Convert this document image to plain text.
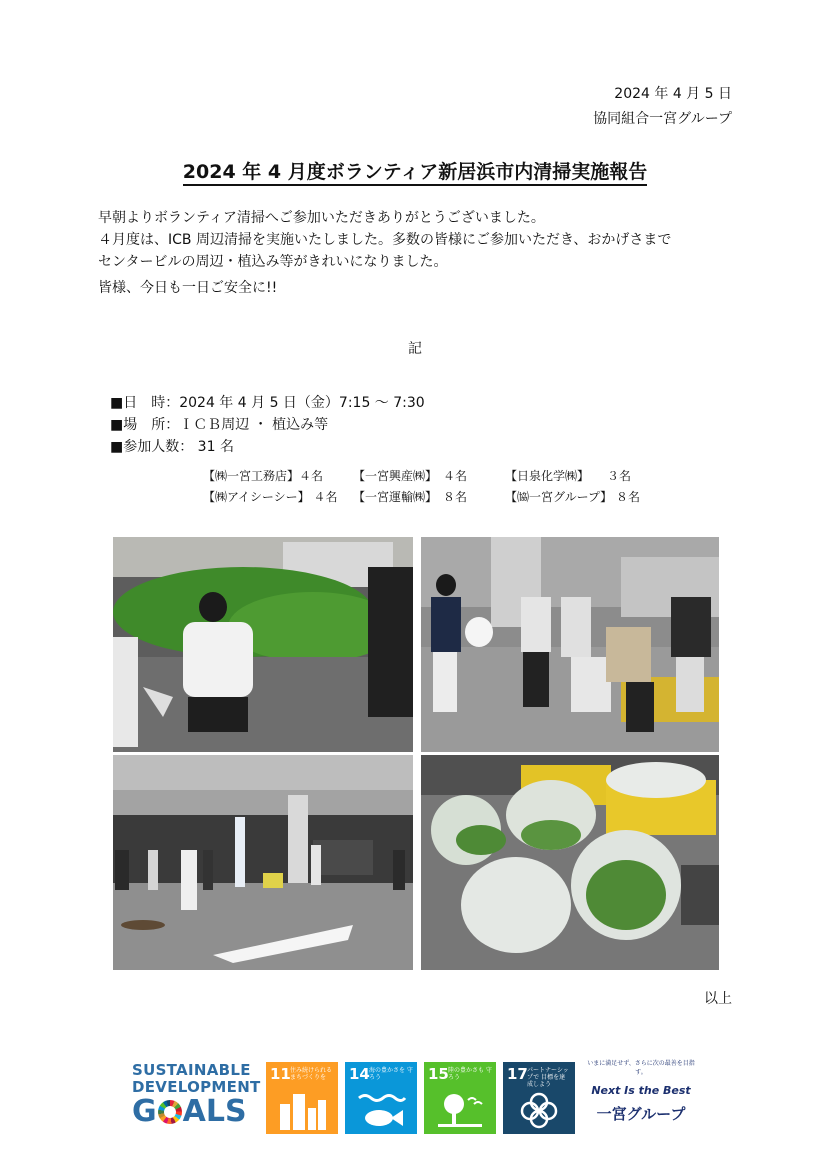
2024 年 4 月 5 日
協同組合一宮グループ
2024 年 4 月度ボランティア新居浜市内清掃実施報告

早朝よりボランティア清掃へご参加いただきありがとうございました。

４月度は、ICB 周辺清掃を実施いたしました。多数の皆様にご参加いただき、おかげさまで

センタービルの周辺・植込み等がきれいになりました。

皆様、今日も一日ご安全に!!

記
■日　時：2024 年 4 月 5 日（金）7:15 ～ 7:30
■場　所：ＩＣＢ周辺 ・ 植込み等
■参加人数： 31 名
【㈱一宮工務店】４名	【一宮興産㈱】　４名	【日泉化学㈱】　　３名
【㈱アイシーシー】 ４名	【一宮運輸㈱】　８名	【㈿一宮グループ】 ８名
以上
SUSTAINABLE
DEVELOPMENT
G ALS
11 住み続けられる まちづくりを	14 海の豊かさを 守ろう	15 陸の豊かさも 守ろう	17 パートナーシップで 目標を達成しよう
いまに満足せず、さらに次の最善を目指す。
Next Is the Best
一宮グループ
